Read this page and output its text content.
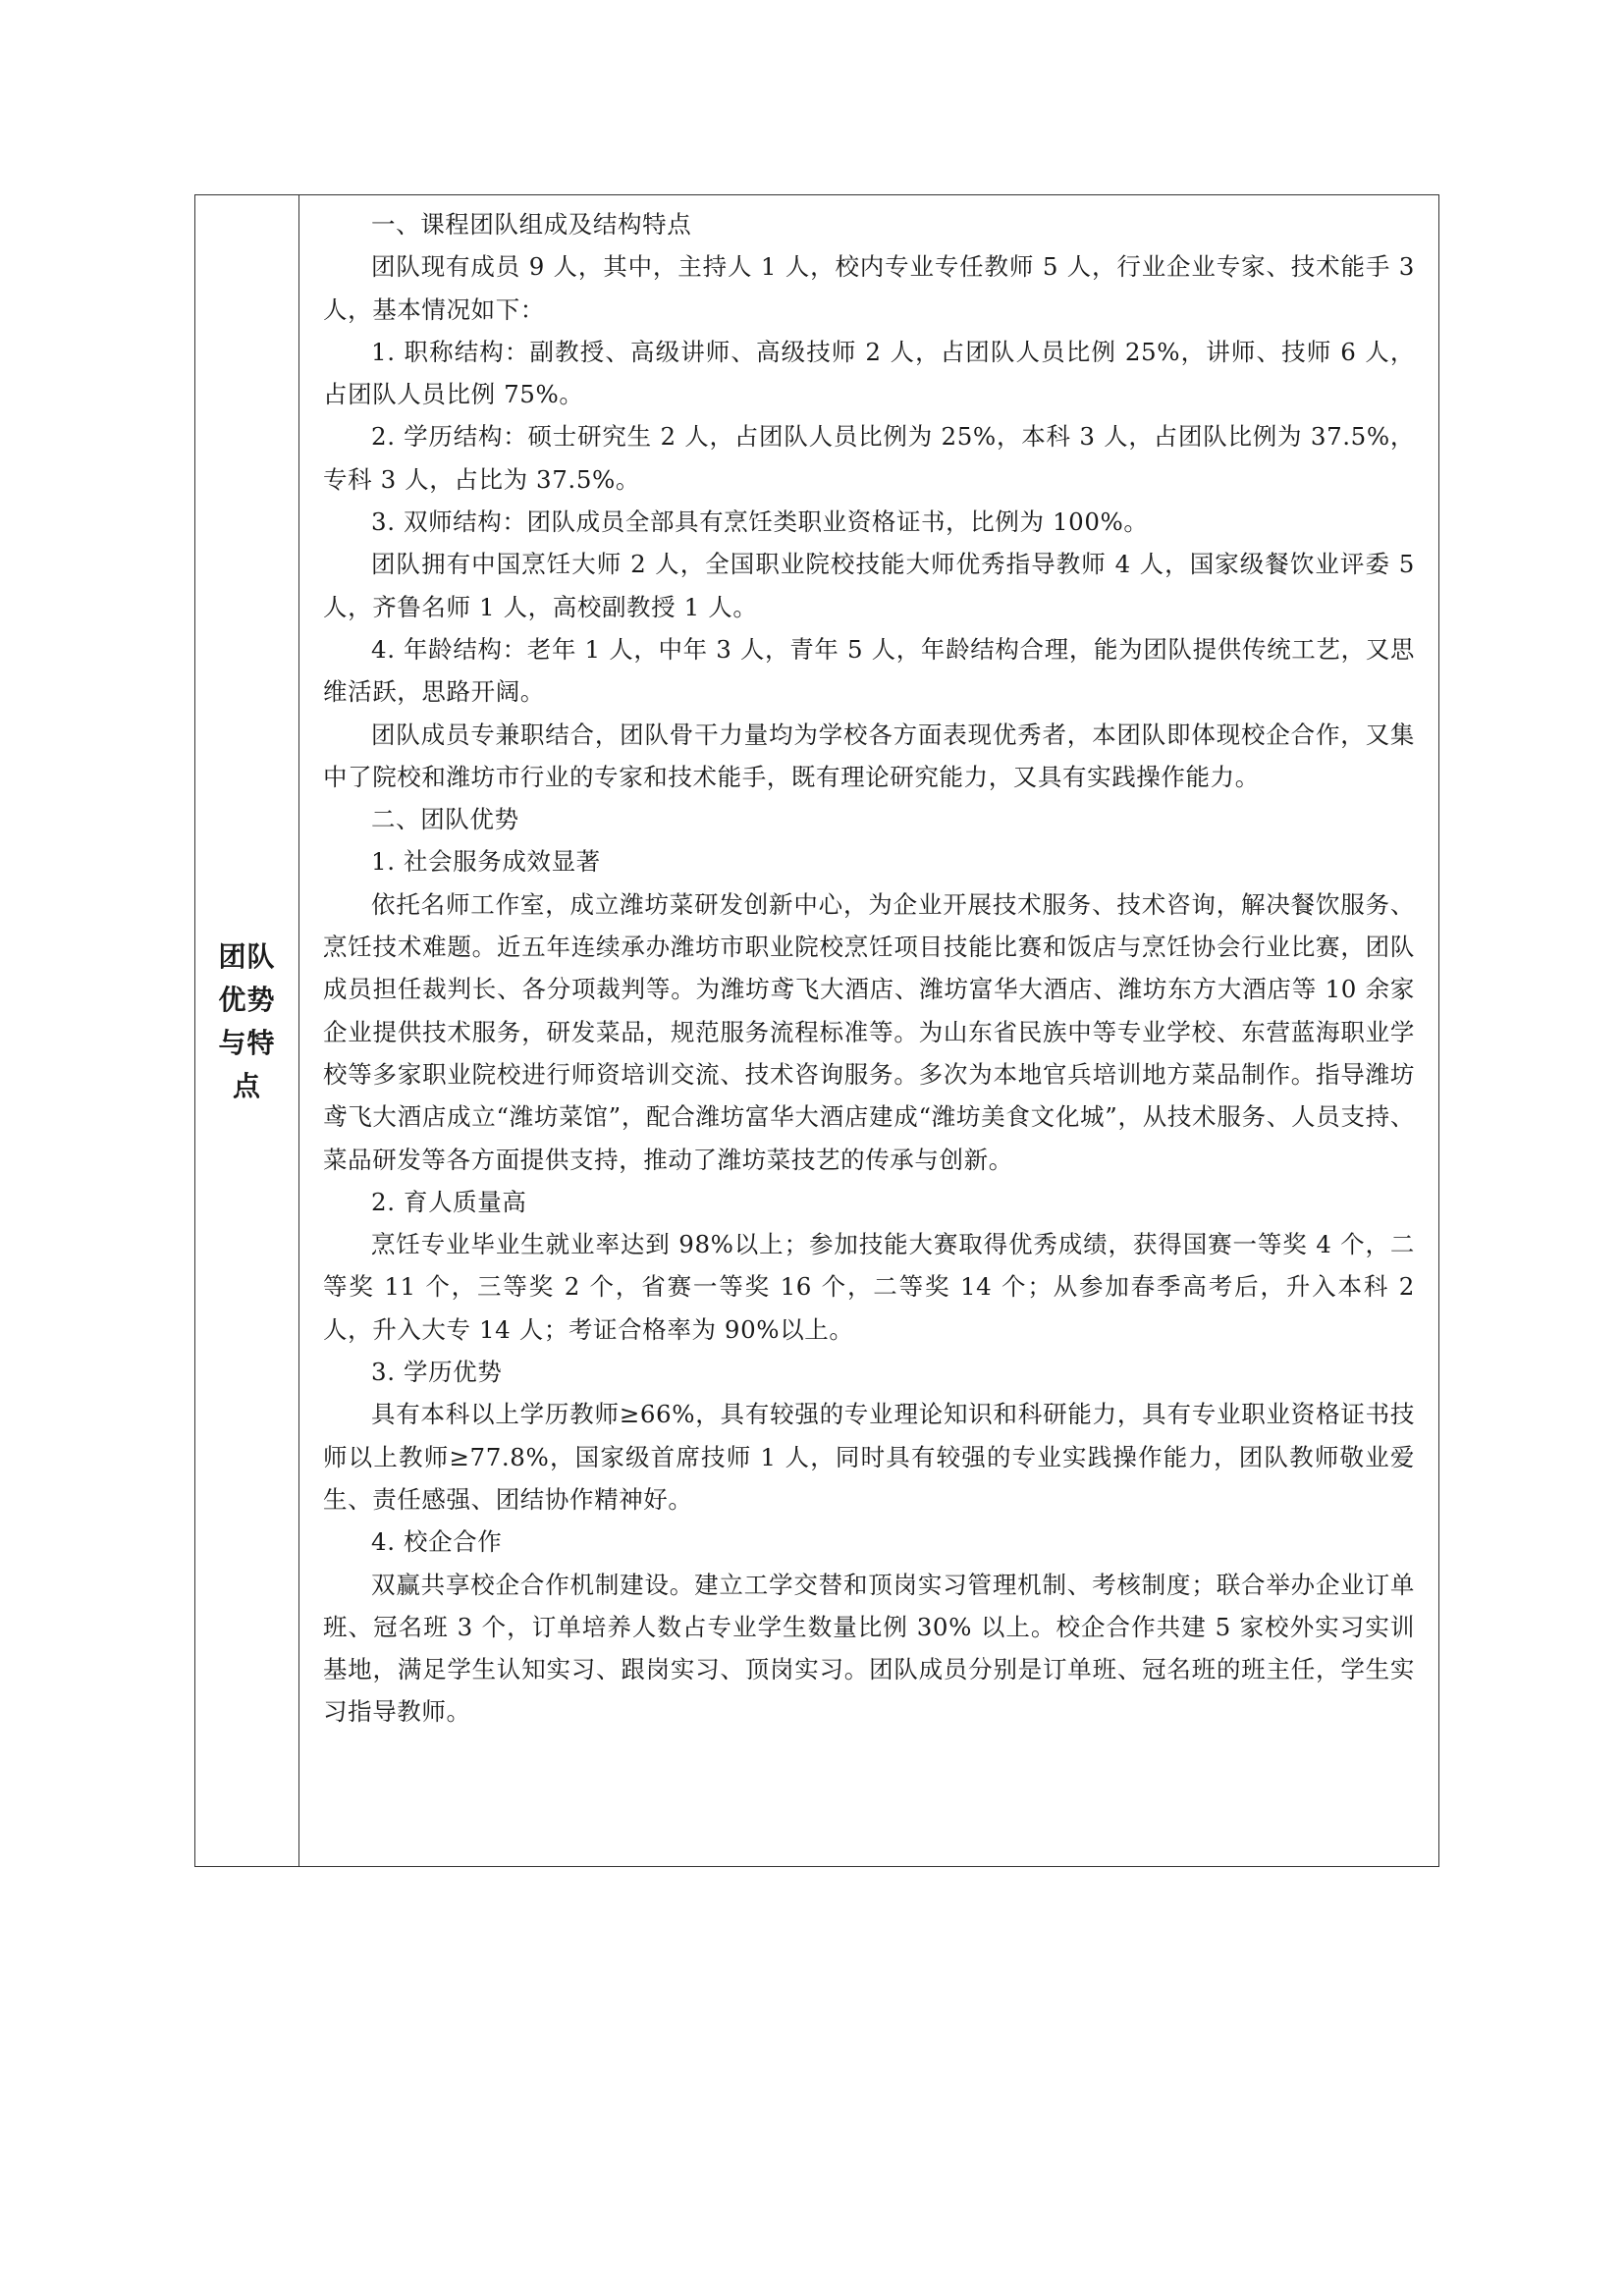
团队优势与特点

一、课程团队组成及结构特点

团队现有成员 9 人，其中，主持人 1 人，校内专业专任教师 5 人，行业企业专家、技术能手 3 人，基本情况如下：

1. 职称结构：副教授、高级讲师、高级技师 2 人，占团队人员比例 25%，讲师、技师 6 人，占团队人员比例 75%。

2. 学历结构：硕士研究生 2 人，占团队人员比例为 25%，本科 3 人，占团队比例为 37.5%，专科 3 人，占比为 37.5%。

3. 双师结构：团队成员全部具有烹饪类职业资格证书，比例为 100%。

团队拥有中国烹饪大师 2 人，全国职业院校技能大师优秀指导教师 4 人，国家级餐饮业评委 5 人，齐鲁名师 1 人，高校副教授 1 人。

4. 年龄结构：老年 1 人，中年 3 人，青年 5 人，年龄结构合理，能为团队提供传统工艺，又思维活跃，思路开阔。

团队成员专兼职结合，团队骨干力量均为学校各方面表现优秀者，本团队即体现校企合作，又集中了院校和潍坊市行业的专家和技术能手，既有理论研究能力，又具有实践操作能力。

二、团队优势

1. 社会服务成效显著

依托名师工作室，成立潍坊菜研发创新中心，为企业开展技术服务、技术咨询，解决餐饮服务、烹饪技术难题。近五年连续承办潍坊市职业院校烹饪项目技能比赛和饭店与烹饪协会行业比赛，团队成员担任裁判长、各分项裁判等。为潍坊鸢飞大酒店、潍坊富华大酒店、潍坊东方大酒店等 10 余家企业提供技术服务，研发菜品，规范服务流程标准等。为山东省民族中等专业学校、东营蓝海职业学校等多家职业院校进行师资培训交流、技术咨询服务。多次为本地官兵培训地方菜品制作。指导潍坊鸢飞大酒店成立“潍坊菜馆”，配合潍坊富华大酒店建成“潍坊美食文化城”，从技术服务、人员支持、菜品研发等各方面提供支持，推动了潍坊菜技艺的传承与创新。

2. 育人质量高

烹饪专业毕业生就业率达到 98%以上；参加技能大赛取得优秀成绩，获得国赛一等奖 4 个，二等奖 11 个，三等奖 2 个，省赛一等奖 16 个，二等奖 14 个；从参加春季高考后，升入本科 2 人，升入大专 14 人；考证合格率为 90%以上。

3. 学历优势

具有本科以上学历教师≥66%，具有较强的专业理论知识和科研能力，具有专业职业资格证书技师以上教师≥77.8%，国家级首席技师 1 人，同时具有较强的专业实践操作能力，团队教师敬业爱生、责任感强、团结协作精神好。

4. 校企合作

双赢共享校企合作机制建设。建立工学交替和顶岗实习管理机制、考核制度；联合举办企业订单班、冠名班 3 个，订单培养人数占专业学生数量比例 30% 以上。校企合作共建 5 家校外实习实训基地，满足学生认知实习、跟岗实习、顶岗实习。团队成员分别是订单班、冠名班的班主任，学生实习指导教师。
